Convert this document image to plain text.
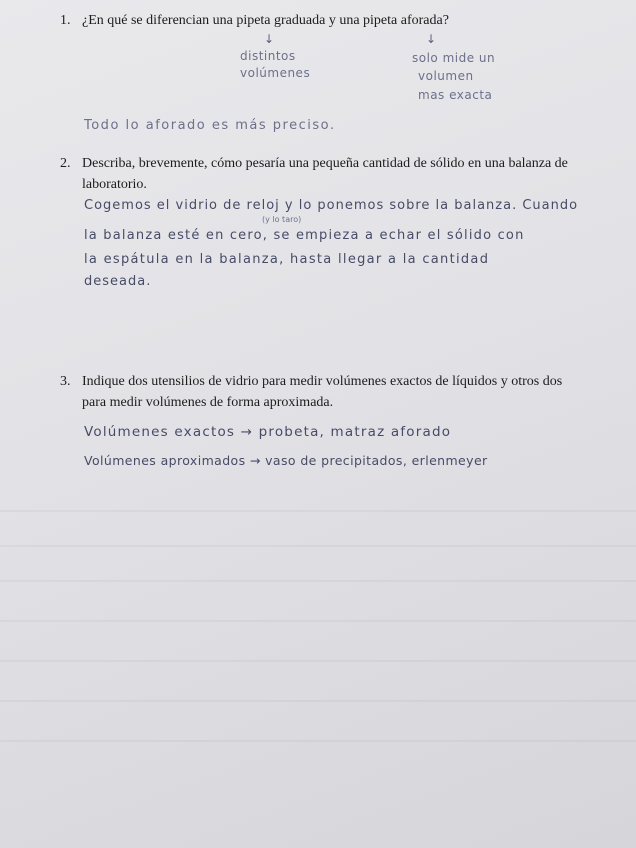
1. ¿En qué se diferencian una pipeta graduada y una pipeta aforada?
↓	↓
distintos
volúmenes
solo mide un
volumen
mas exacta
Todo lo aforado es más preciso.
2. Describa, brevemente, cómo pesaría una pequeña cantidad de sólido en una balanza de
laboratorio.
Cogemos el vidrio de reloj y lo ponemos sobre la balanza. Cuando
(y lo taro)
la balanza esté en cero, se empieza a echar el sólido con
la espátula en la balanza, hasta llegar a la cantidad
deseada.
3. Indique dos utensilios de vidrio para medir volúmenes exactos de líquidos y otros dos
para medir volúmenes de forma aproximada.
Volúmenes exactos → probeta, matraz aforado
Volúmenes aproximados → vaso de precipitados, erlenmeyer
